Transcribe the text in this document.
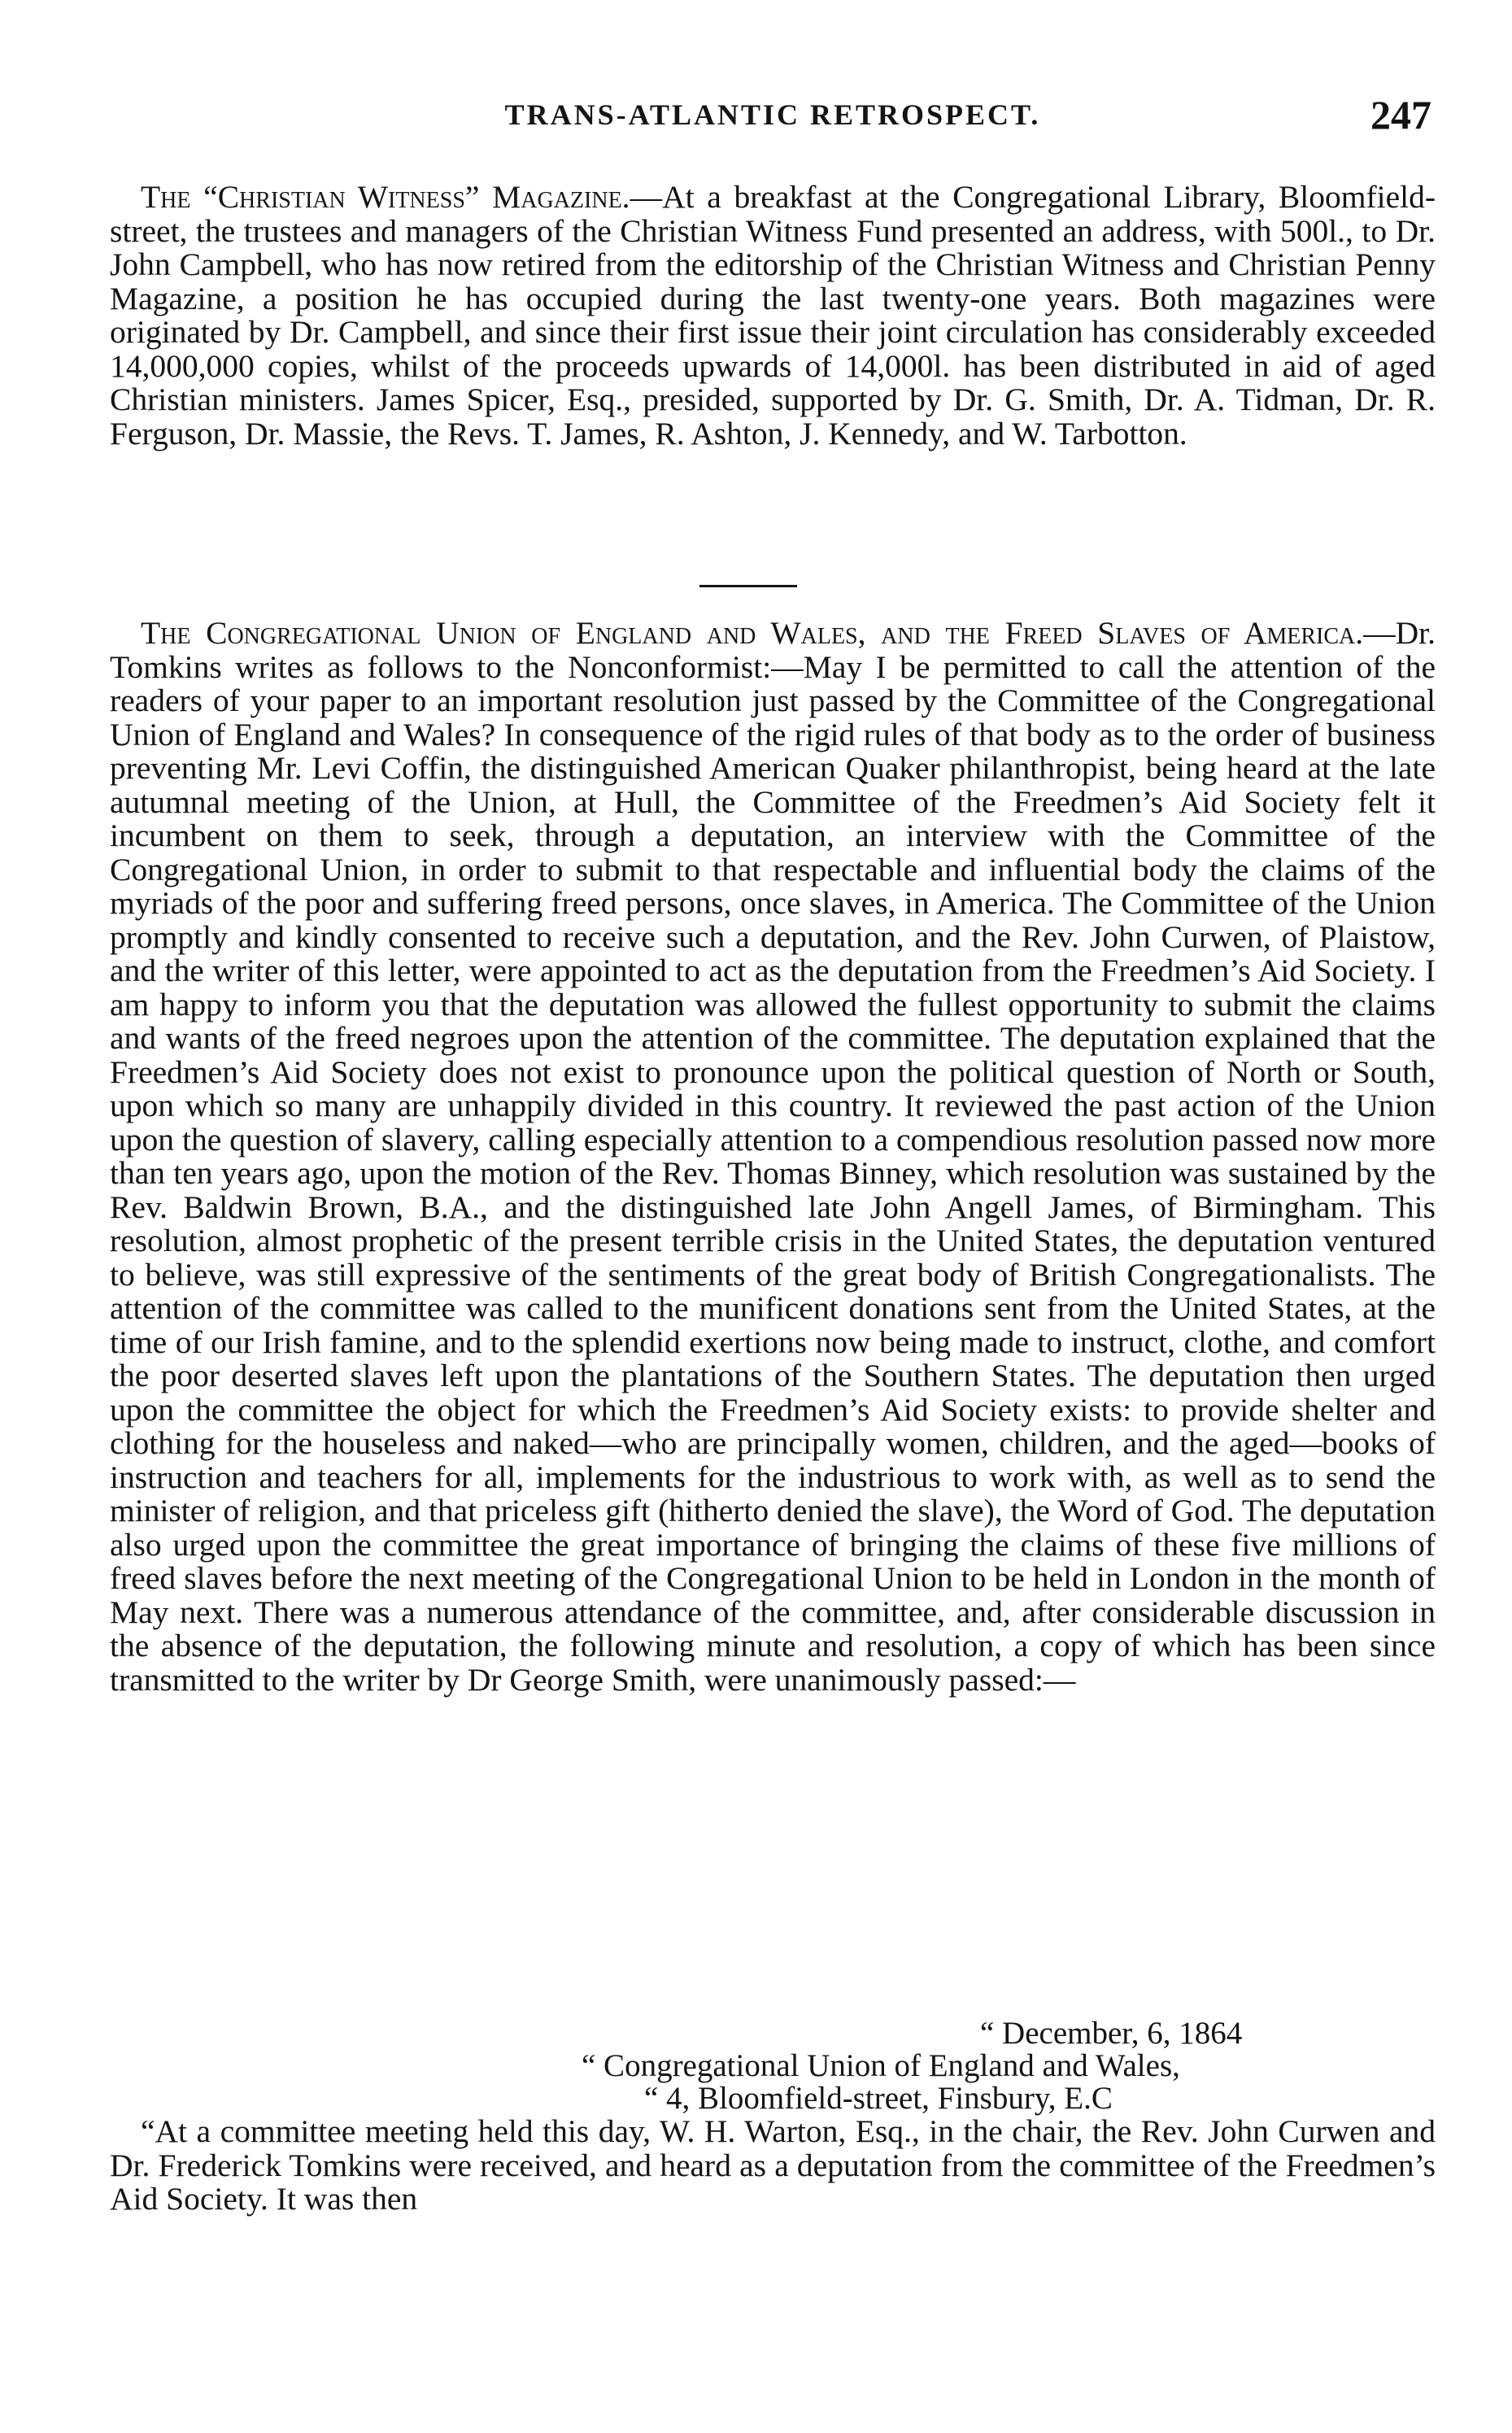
TRANS-ATLANTIC RETROSPECT.	247

The “Christian Witness” Magazine.—At a breakfast at the Congregational Library, Bloomfield-street, the trustees and managers of the Christian Witness Fund presented an address, with 500l., to Dr. John Campbell, who has now retired from the editorship of the Christian Witness and Christian Penny Magazine, a position he has occupied during the last twenty-one years. Both magazines were originated by Dr. Campbell, and since their first issue their joint circulation has considerably exceeded 14,000,000 copies, whilst of the proceeds upwards of 14,000l. has been distributed in aid of aged Christian ministers. James Spicer, Esq., presided, supported by Dr. G. Smith, Dr. A. Tidman, Dr. R. Ferguson, Dr. Massie, the Revs. T. James, R. Ashton, J. Kennedy, and W. Tarbotton.

The Congregational Union of England and Wales, and the Freed Slaves of America.—Dr. Tomkins writes as follows to the Nonconformist:—May I be permitted to call the attention of the readers of your paper to an important resolution just passed by the Committee of the Congregational Union of England and Wales? In consequence of the rigid rules of that body as to the order of business preventing Mr. Levi Coffin, the distinguished American Quaker philanthropist, being heard at the late autumnal meeting of the Union, at Hull, the Committee of the Freedmen’s Aid Society felt it incumbent on them to seek, through a deputation, an interview with the Committee of the Congregational Union, in order to submit to that respectable and influential body the claims of the myriads of the poor and suffering freed persons, once slaves, in America. The Committee of the Union promptly and kindly consented to receive such a deputation, and the Rev. John Curwen, of Plaistow, and the writer of this letter, were appointed to act as the deputation from the Freedmen’s Aid Society. I am happy to inform you that the deputation was allowed the fullest opportunity to submit the claims and wants of the freed negroes upon the attention of the committee. The deputation explained that the Freedmen’s Aid Society does not exist to pronounce upon the political question of North or South, upon which so many are unhappily divided in this country. It reviewed the past action of the Union upon the question of slavery, calling especially attention to a compendious resolution passed now more than ten years ago, upon the motion of the Rev. Thomas Binney, which resolution was sustained by the Rev. Baldwin Brown, B.A., and the distinguished late John Angell James, of Birmingham. This resolution, almost prophetic of the present terrible crisis in the United States, the deputation ventured to believe, was still expressive of the sentiments of the great body of British Congregationalists. The attention of the committee was called to the munificent donations sent from the United States, at the time of our Irish famine, and to the splendid exertions now being made to instruct, clothe, and comfort the poor deserted slaves left upon the plantations of the Southern States. The deputation then urged upon the committee the object for which the Freedmen’s Aid Society exists: to provide shelter and clothing for the houseless and naked—who are principally women, children, and the aged—books of instruction and teachers for all, implements for the industrious to work with, as well as to send the minister of religion, and that priceless gift (hitherto denied the slave), the Word of God. The deputation also urged upon the committee the great importance of bringing the claims of these five millions of freed slaves before the next meeting of the Congregational Union to be held in London in the month of May next. There was a numerous attendance of the committee, and, after considerable discussion in the absence of the deputation, the following minute and resolution, a copy of which has been since transmitted to the writer by Dr George Smith, were unanimously passed:—

“ December, 6, 1864
“ Congregational Union of England and Wales,
“ 4, Bloomfield-street, Finsbury, E.C

“At a committee meeting held this day, W. H. Warton, Esq., in the chair, the Rev. John Curwen and Dr. Frederick Tomkins were received, and heard as a deputation from the committee of the Freedmen’s Aid Society. It was then
